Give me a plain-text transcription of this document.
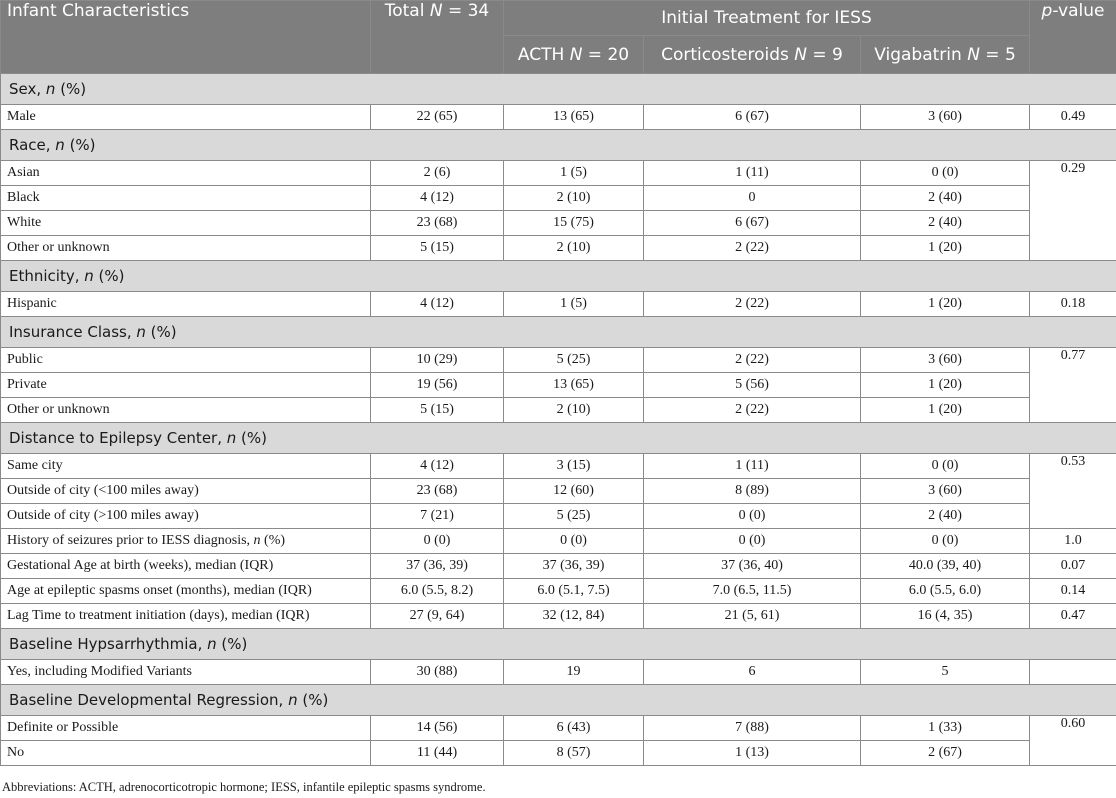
Infant Characteristics	Total N = 34	Initial Treatment for IESS			p-value
		ACTH N = 20	Corticosteroids N = 9	Vigabatrin N = 5	
Sex, n (%)					
Male	22 (65)	13 (65)	6 (67)	3 (60)	0.49
Race, n (%)					
Asian	2 (6)	1 (5)	1 (11)	0 (0)	0.29
Black	4 (12)	2 (10)	0	2 (40)	
White	23 (68)	15 (75)	6 (67)	2 (40)	
Other or unknown	5 (15)	2 (10)	2 (22)	1 (20)	
Ethnicity, n (%)					
Hispanic	4 (12)	1 (5)	2 (22)	1 (20)	0.18
Insurance Class, n (%)					
Public	10 (29)	5 (25)	2 (22)	3 (60)	0.77
Private	19 (56)	13 (65)	5 (56)	1 (20)	
Other or unknown	5 (15)	2 (10)	2 (22)	1 (20)	
Distance to Epilepsy Center, n (%)					
Same city	4 (12)	3 (15)	1 (11)	0 (0)	0.53
Outside of city (<100 miles away)	23 (68)	12 (60)	8 (89)	3 (60)	
Outside of city (>100 miles away)	7 (21)	5 (25)	0 (0)	2 (40)	
History of seizures prior to IESS diagnosis, n (%)	0 (0)	0 (0)	0 (0)	0 (0)	1.0
Gestational Age at birth (weeks), median (IQR)	37 (36, 39)	37 (36, 39)	37 (36, 40)	40.0 (39, 40)	0.07
Age at epileptic spasms onset (months), median (IQR)	6.0 (5.5, 8.2)	6.0 (5.1, 7.5)	7.0 (6.5, 11.5)	6.0 (5.5, 6.0)	0.14
Lag Time to treatment initiation (days), median (IQR)	27 (9, 64)	32 (12, 84)	21 (5, 61)	16 (4, 35)	0.47
Baseline Hypsarrhythmia, n (%)					
Yes, including Modified Variants	30 (88)	19	6	5	
Baseline Developmental Regression, n (%)					
Definite or Possible	14 (56)	6 (43)	7 (88)	1 (33)	0.60
No	11 (44)	8 (57)	1 (13)	2 (67)	
Abbreviations: ACTH, adrenocorticotropic hormone; IESS, infantile epileptic spasms syndrome.
